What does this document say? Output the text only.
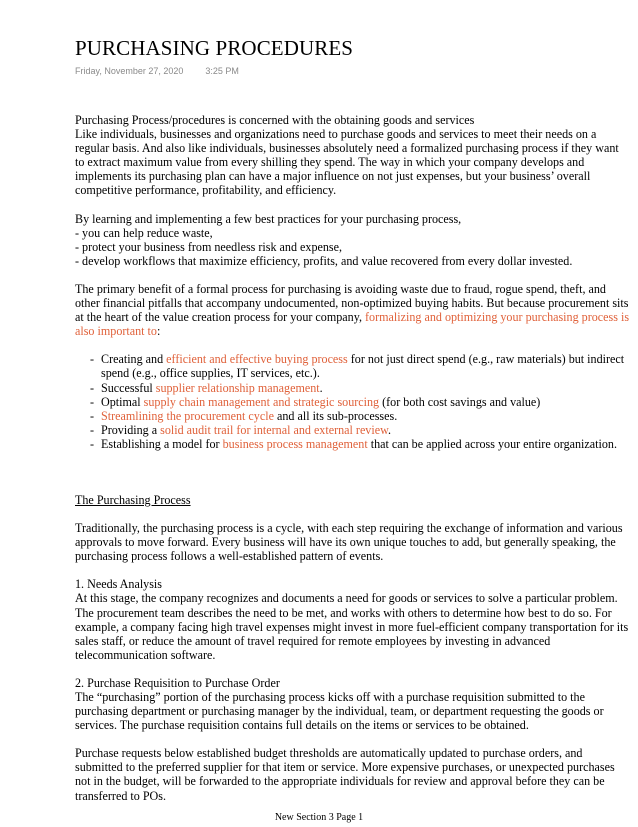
PURCHASING PROCEDURES
Friday, November 27, 2020 3:25 PM

Purchasing Process/procedures is concerned with the obtaining goods and services

Like individuals, businesses and organizations need to purchase goods and services to meet their needs on a regular basis. And also like individuals, businesses absolutely need a formalized purchasing process if they want to extract maximum value from every shilling they spend. The way in which your company develops and implements its purchasing plan can have a major influence on not just expenses, but your business’ overall competitive performance, profitability, and efficiency.

By learning and implementing a few best practices for your purchasing process,

- you can help reduce waste,

- protect your business from needless risk and expense,

- develop workflows that maximize efficiency, profits, and value recovered from every dollar invested.

The primary benefit of a formal process for purchasing is avoiding waste due to fraud, rogue spend, theft, and other financial pitfalls that accompany undocumented, non-optimized buying habits. But because procurement sits at the heart of the value creation process for your company, formalizing and optimizing your purchasing process is also important to:

- Creating and efficient and effective buying process for not just direct spend (e.g., raw materials) but indirect spend (e.g., office supplies, IT services, etc.).
- Successful supplier relationship management.
- Optimal supply chain management and strategic sourcing (for both cost savings and value)
- Streamlining the procurement cycle and all its sub-processes.
- Providing a solid audit trail for internal and external review.
- Establishing a model for business process management that can be applied across your entire organization.

The Purchasing Process

Traditionally, the purchasing process is a cycle, with each step requiring the exchange of information and various approvals to move forward. Every business will have its own unique touches to add, but generally speaking, the purchasing process follows a well-established pattern of events.

1. Needs Analysis

At this stage, the company recognizes and documents a need for goods or services to solve a particular problem. The procurement team describes the need to be met, and works with others to determine how best to do so. For example, a company facing high travel expenses might invest in more fuel-efficient company transportation for its sales staff, or reduce the amount of travel required for remote employees by investing in advanced telecommunication software.

2. Purchase Requisition to Purchase Order

The “purchasing” portion of the purchasing process kicks off with a purchase requisition submitted to the purchasing department or purchasing manager by the individual, team, or department requesting the goods or services. The purchase requisition contains full details on the items or services to be obtained.

Purchase requests below established budget thresholds are automatically updated to purchase orders, and submitted to the preferred supplier for that item or service. More expensive purchases, or unexpected purchases not in the budget, will be forwarded to the appropriate individuals for review and approval before they can be transferred to POs.

New Section 3 Page 1
